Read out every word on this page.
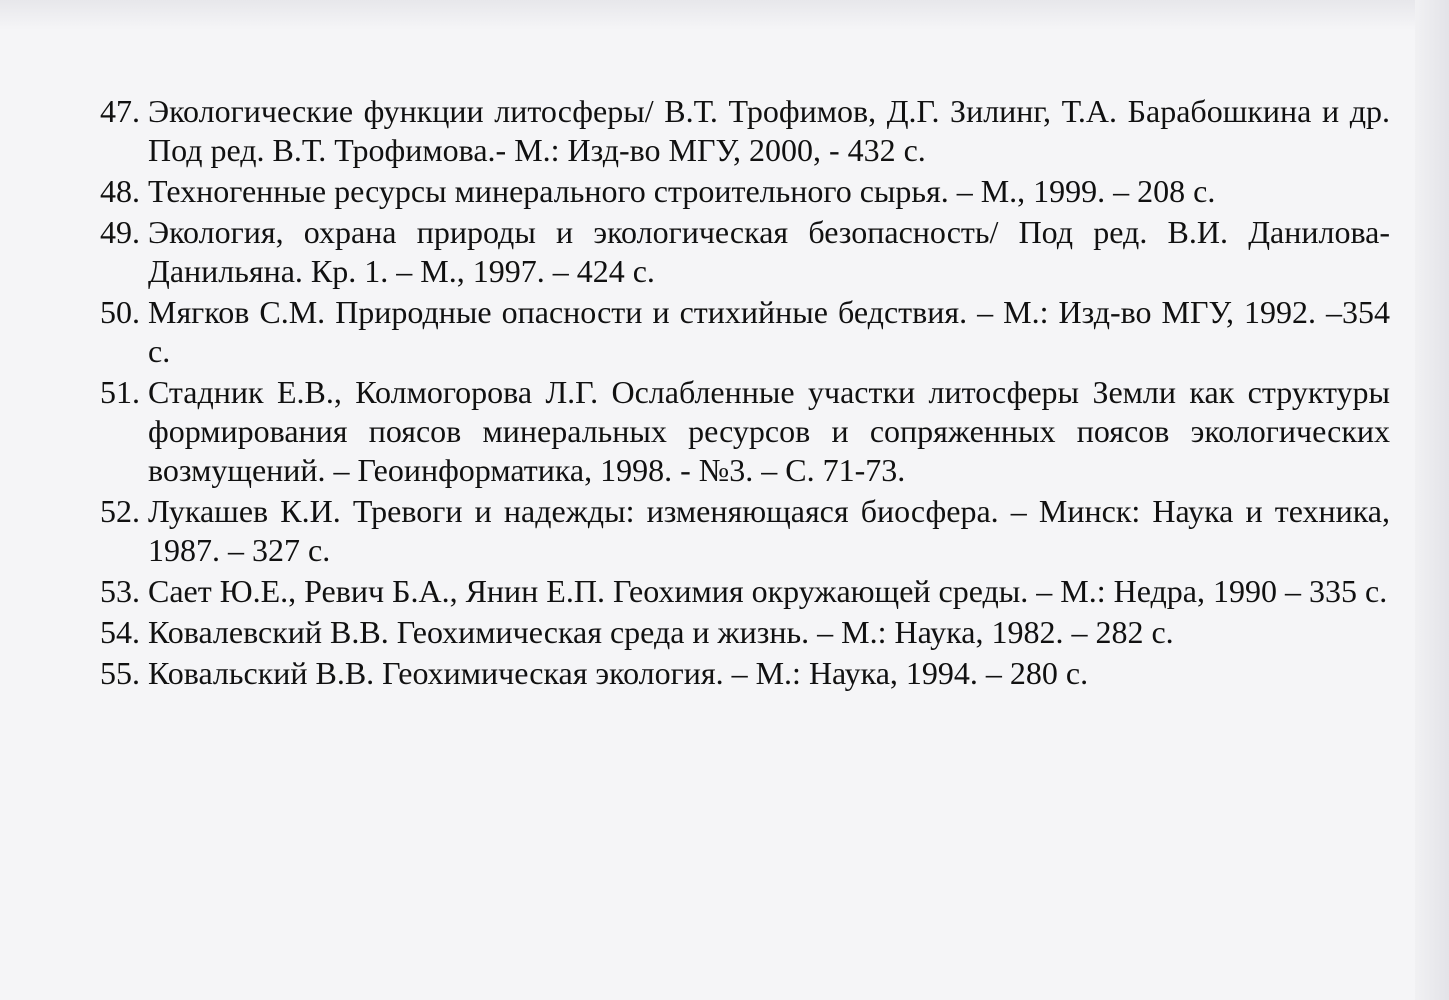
47. Экологические функции литосферы/ В.Т. Трофимов, Д.Г. Зилинг, Т.А. Барабошкина и др. Под ред. В.Т. Трофимова.- М.: Изд-во МГУ, 2000, - 432 с.
48. Техногенные ресурсы минерального строительного сырья. – М., 1999. – 208 с.
49. Экология, охрана природы и экологическая безопасность/ Под ред. В.И. Данилова-Данильяна. Кр. 1. – М., 1997. – 424 с.
50. Мягков С.М. Природные опасности и стихийные бедствия. – М.: Изд-во МГУ, 1992. –354 с.
51. Стадник Е.В., Колмогорова Л.Г. Ослабленные участки литосферы Земли как структуры формирования поясов минеральных ресурсов и сопряженных поясов экологических возмущений. – Геоинформатика, 1998. - №3. – С. 71-73.
52. Лукашев К.И. Тревоги и надежды: изменяющаяся биосфера. – Минск: Наука и техника, 1987. – 327 с.
53. Сает Ю.Е., Ревич Б.А., Янин Е.П. Геохимия окружающей среды. – М.: Недра, 1990 – 335 с.
54. Ковалевский В.В. Геохимическая среда и жизнь. – М.: Наука, 1982. – 282 с.
55. Ковальский В.В. Геохимическая экология. – М.: Наука, 1994. – 280 с.
